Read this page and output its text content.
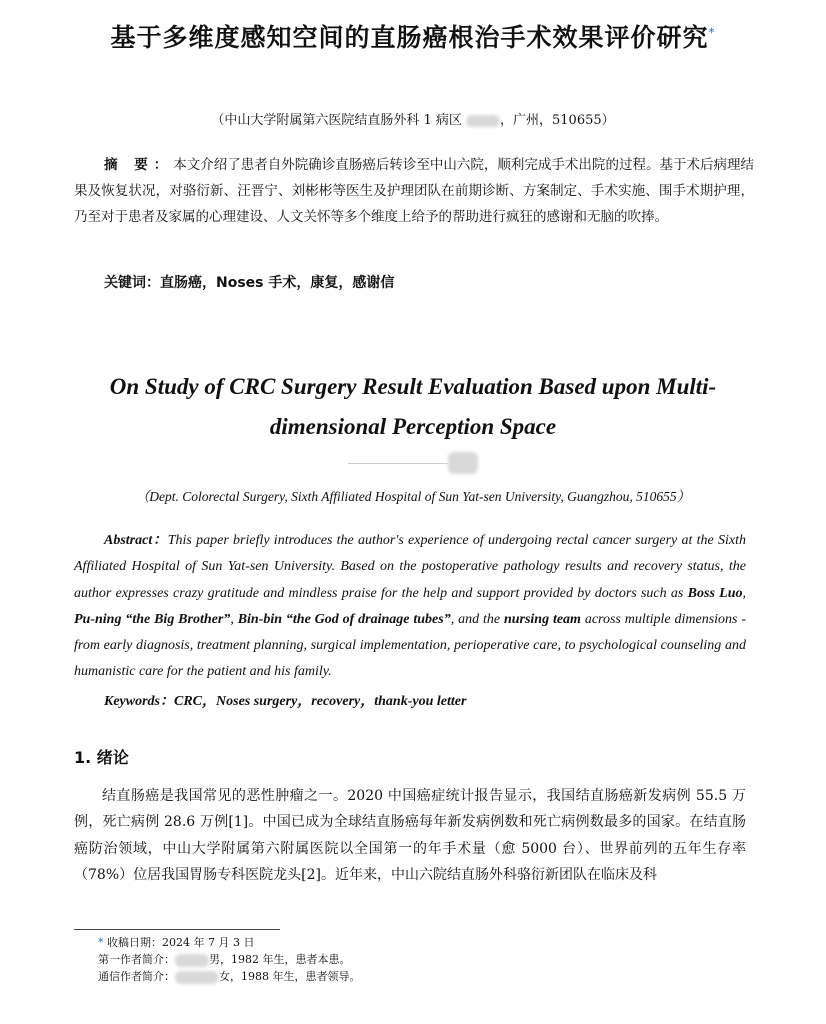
基于多维度感知空间的直肠癌根治手术效果评价研究*
（中山大学附属第六医院结直肠外科 1 病区	，广州，510655）
摘 要：本文介绍了患者自外院确诊直肠癌后转诊至中山六院，顺利完成手术出院的过程。基于术后病理结果及恢复状况，对骆衍新、汪晋宁、刘彬彬等医生及护理团队在前期诊断、方案制定、手术实施、围手术期护理，乃至对于患者及家属的心理建设、人文关怀等多个维度上给予的帮助进行疯狂的感谢和无脑的吹捧。
关键词：直肠癌，Noses 手术，康复，感谢信
On Study of CRC Surgery Result Evaluation Based upon Multi-dimensional Perception Space
（Dept. Colorectal Surgery, Sixth Affiliated Hospital of Sun Yat-sen University, Guangzhou, 510655）
Abstract：This paper briefly introduces the author's experience of undergoing rectal cancer surgery at the Sixth Affiliated Hospital of Sun Yat-sen University. Based on the postoperative pathology results and recovery status, the author expresses crazy gratitude and mindless praise for the help and support provided by doctors such as Boss Luo, Pu-ning “the Big Brother”, Bin-bin “the God of drainage tubes”, and the nursing team across multiple dimensions - from early diagnosis, treatment planning, surgical implementation, perioperative care, to psychological counseling and humanistic care for the patient and his family.
Keywords：CRC，Noses surgery，recovery，thank-you letter
1. 绪论
结直肠癌是我国常见的恶性肿瘤之一。2020 中国癌症统计报告显示，我国结直肠癌新发病例 55.5 万例，死亡病例 28.6 万例[1]。中国已成为全球结直肠癌每年新发病例数和死亡病例数最多的国家。在结直肠癌防治领域，中山大学附属第六附属医院以全国第一的年手术量（愈 5000 台）、世界前列的五年生存率（78%）位居我国胃肠专科医院龙头[2]。近年来，中山六院结直肠外科骆衍新团队在临床及科
* 收稿日期：2024 年 7 月 3 日
第一作者简介：	男，1982 年生，患者本患。
通信作者简介：	女，1988 年生，患者领导。
